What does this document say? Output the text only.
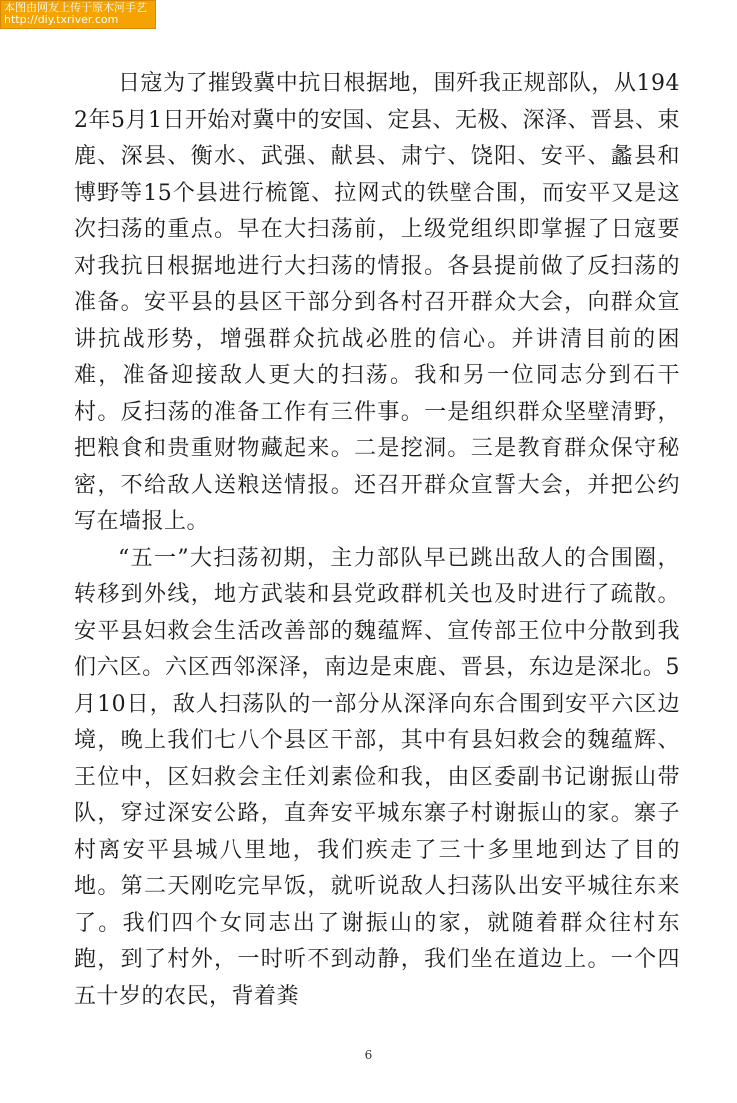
本图由网友上传于原木河手艺
http://diy.txriver.com

日寇为了摧毁冀中抗日根据地，围歼我正规部队，从1942年5月1日开始对冀中的安国、定县、无极、深泽、晋县、束鹿、深县、衡水、武强、献县、肃宁、饶阳、安平、蠡县和博野等15个县进行梳篦、拉网式的铁壁合围，而安平又是这次扫荡的重点。早在大扫荡前，上级党组织即掌握了日寇要对我抗日根据地进行大扫荡的情报。各县提前做了反扫荡的准备。安平县的县区干部分到各村召开群众大会，向群众宣讲抗战形势，增强群众抗战必胜的信心。并讲清目前的困难，准备迎接敌人更大的扫荡。我和另一位同志分到石干村。反扫荡的准备工作有三件事。一是组织群众坚壁清野，把粮食和贵重财物藏起来。二是挖洞。三是教育群众保守秘密，不给敌人送粮送情报。还召开群众宣誓大会，并把公约写在墙报上。

“五一”大扫荡初期，主力部队早已跳出敌人的合围圈，转移到外线，地方武装和县党政群机关也及时进行了疏散。安平县妇救会生活改善部的魏蕴辉、宣传部王位中分散到我们六区。六区西邻深泽，南边是束鹿、晋县，东边是深北。5月10日，敌人扫荡队的一部分从深泽向东合围到安平六区边境，晚上我们七八个县区干部，其中有县妇救会的魏蕴辉、王位中，区妇救会主任刘素俭和我，由区委副书记谢振山带队，穿过深安公路，直奔安平城东寨子村谢振山的家。寨子村离安平县城八里地，我们疾走了三十多里地到达了目的地。第二天刚吃完早饭，就听说敌人扫荡队出安平城往东来了。我们四个女同志出了谢振山的家，就随着群众往村东跑，到了村外，一时听不到动静，我们坐在道边上。一个四五十岁的农民，背着粪

6
